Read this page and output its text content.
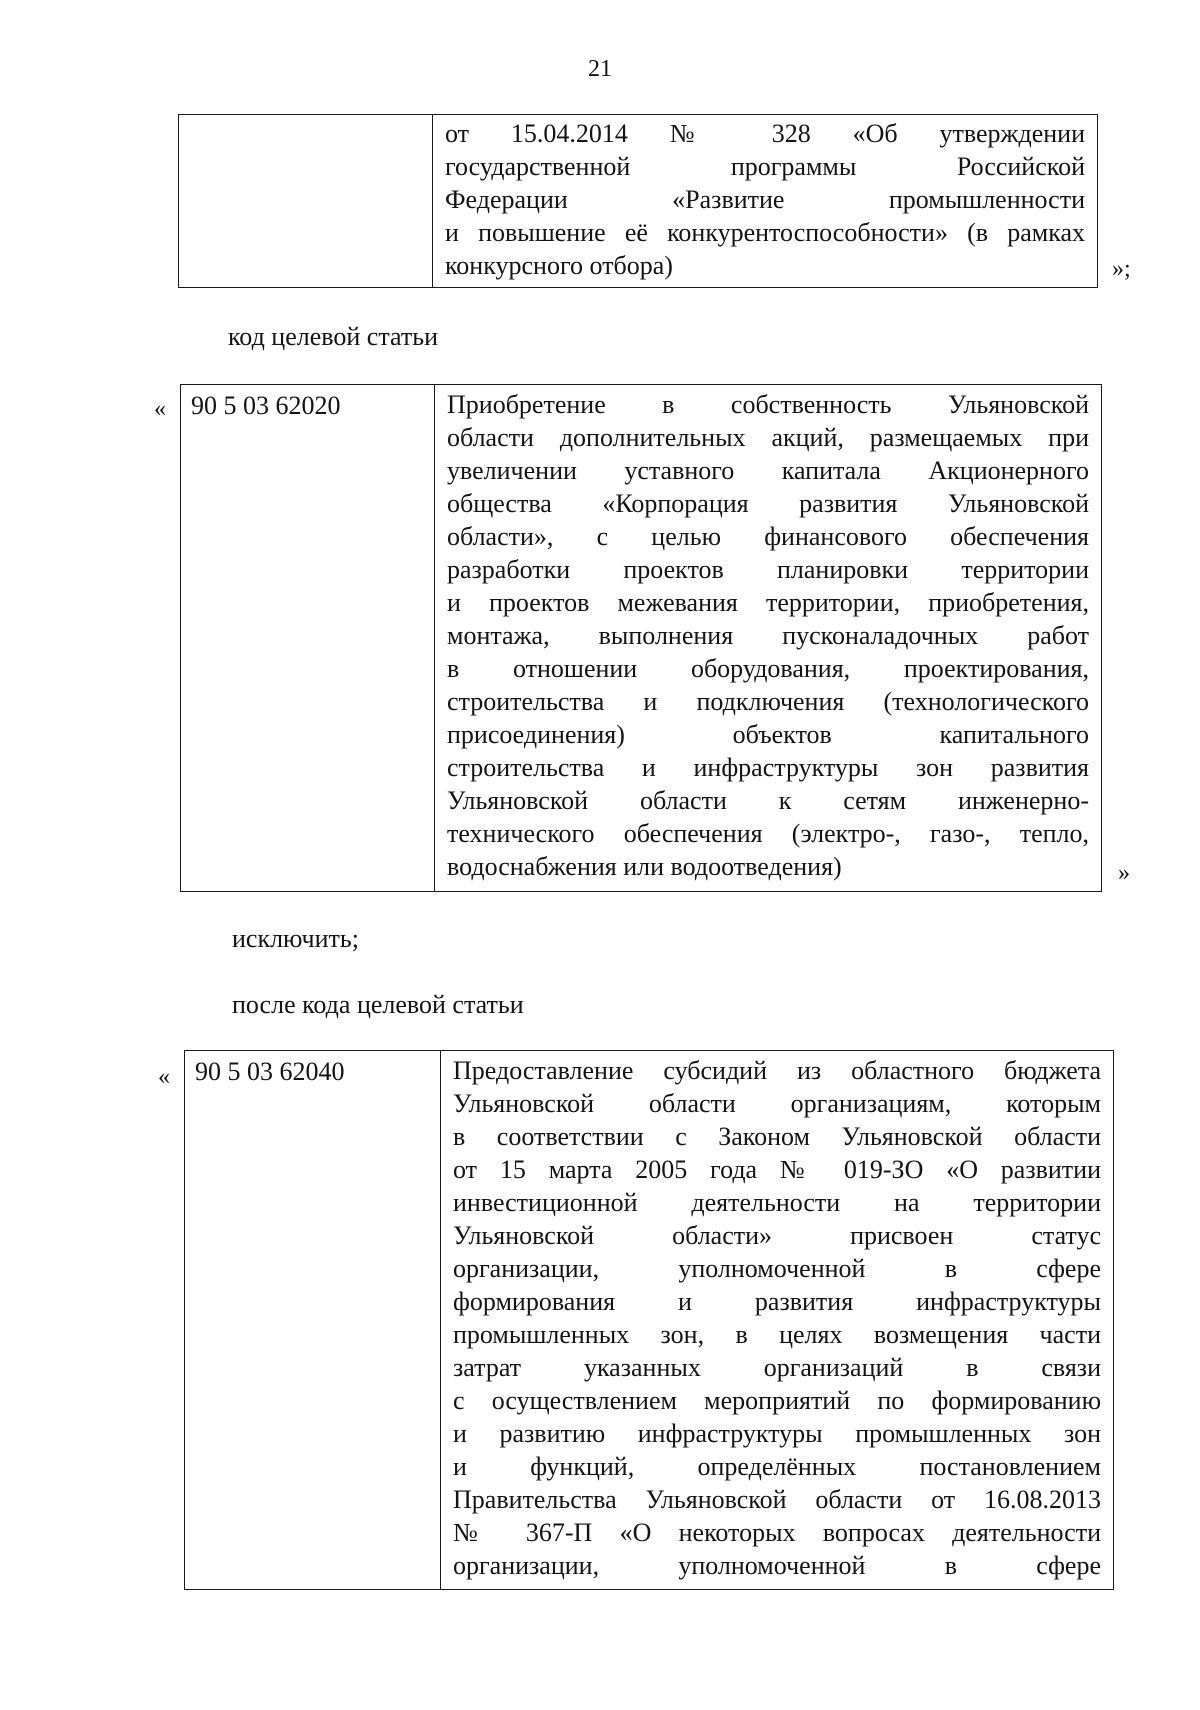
21
от 15.04.2014 № 328 «Об утверждении
государственной программы Российской
Федерации «Развитие промышленности
и повышение её конкурентоспособности» (в рамках
конкурсного отбора)	»;
код целевой статьи
« 90 5 03 62020	Приобретение в собственность Ульяновской
области дополнительных акций, размещаемых при
увеличении уставного капитала Акционерного
общества «Корпорация развития Ульяновской
области», с целью финансового обеспечения
разработки проектов планировки территории
и проектов межевания территории, приобретения,
монтажа, выполнения пусконаладочных работ
в отношении оборудования, проектирования,
строительства и подключения (технологического
присоединения) объектов капитального
строительства и инфраструктуры зон развития
Ульяновской области к сетям инженерно-
технического обеспечения (электро-, газо-, тепло,
водоснабжения или водоотведения)	»
исключить;
после кода целевой статьи
« 90 5 03 62040	Предоставление субсидий из областного бюджета
Ульяновской области организациям, которым
в соответствии с Законом Ульяновской области
от 15 марта 2005 года № 019-ЗО «О развитии
инвестиционной деятельности на территории
Ульяновской области» присвоен статус
организации, уполномоченной в сфере
формирования и развития инфраструктуры
промышленных зон, в целях возмещения части
затрат указанных организаций в связи
с осуществлением мероприятий по формированию
и развитию инфраструктуры промышленных зон
и функций, определённых постановлением
Правительства Ульяновской области от 16.08.2013
№ 367-П «О некоторых вопросах деятельности
организации, уполномоченной в сфере
